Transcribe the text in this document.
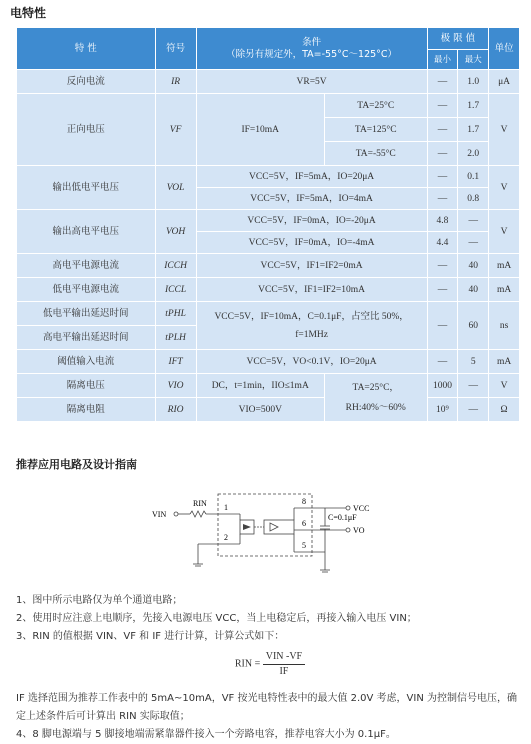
电特性
特 性	符号	条件
（除另有规定外，TA=-55°C～125°C）		极 限 值		单位
				最小	最大	
反向电流	IR	VR=5V		—	1.0	μA
正向电压	VF	IF=10mA	TA=25°C	—	1.7	V
			TA=125°C	—	1.7	
			TA=-55°C	—	2.0	
输出低电平电压	VOL	VCC=5V，IF=5mA，IO=20μA		—	0.1	V
		VCC=5V，IF=5mA，IO=4mA		—	0.8	
输出高电平电压	VOH	VCC=5V，IF=0mA，IO=-20μA		4.8	—	V
		VCC=5V，IF=0mA，IO=-4mA		4.4	—	
高电平电源电流	ICCH	VCC=5V，IF1=IF2=0mA		—	40	mA
低电平电源电流	ICCL	VCC=5V，IF1=IF2=10mA		—	40	mA
低电平输出延迟时间	tPHL	VCC=5V，IF=10mA，C=0.1μF，占空比 50%，
f=1MHz		—	60	ns
高电平输出延迟时间	tPLH					
阈值输入电流	IFT	VCC=5V，VO<0.1V，IO=20μA		—	5	mA
隔离电压	VIO	DC，t=1min，IIO≤1mA	TA=25°C，
RH:40%～60%	1000	—	V
隔离电阻	RIO	VIO=500V		10⁹	—	Ω
推荐应用电路及设计指南
VIN
RIN 1
2
8
6
5
C=0.1μF
VCC
VO

1、图中所示电路仅为单个通道电路；

2、使用时应注意上电顺序，先接入电源电压 VCC，当上电稳定后，再接入输入电压 VIN；

3、RIN 的值根据 VIN、VF 和 IF 进行计算，计算公式如下：

RIN = $\frac{\text{VIN -VF}}{IF}$

IF 选择范围为推荐工作表中的 5mA~10mA，VF 按光电特性表中的最大值 2.0V 考虑，VIN 为控制信号电压，确定上述条件后可计算出 RIN 实际取值；

4、8 脚电源端与 5 脚接地端需紧靠器件接入一个旁路电容，推荐电容大小为 0.1μF。
